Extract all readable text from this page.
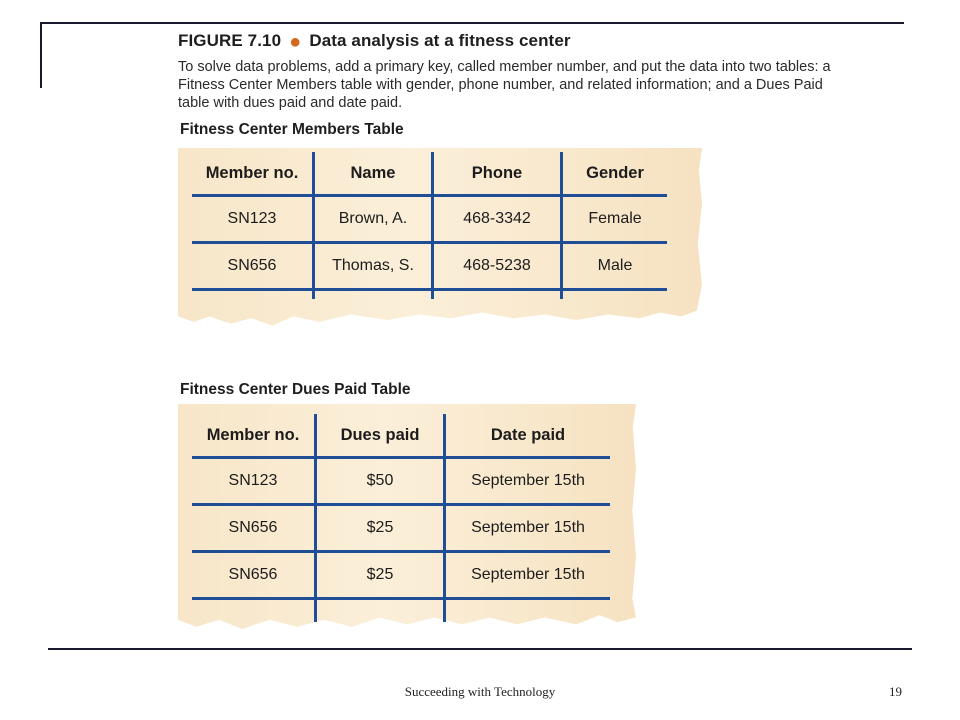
FIGURE 7.10 ● Data analysis at a fitness center
To solve data problems, add a primary key, called member number, and put the data into two tables: a Fitness Center Members table with gender, phone number, and related information; and a Dues Paid table with dues paid and date paid.
Fitness Center Members Table
Member no.	Name	Phone	Gender
SN123	Brown, A.	468-3342	Female
SN656	Thomas, S.	468-5238	Male

Fitness Center Dues Paid Table
Member no.	Dues paid	Date paid
SN123	$50	September 15th
SN656	$25	September 15th
SN656	$25	September 15th

Succeeding with Technology	19
